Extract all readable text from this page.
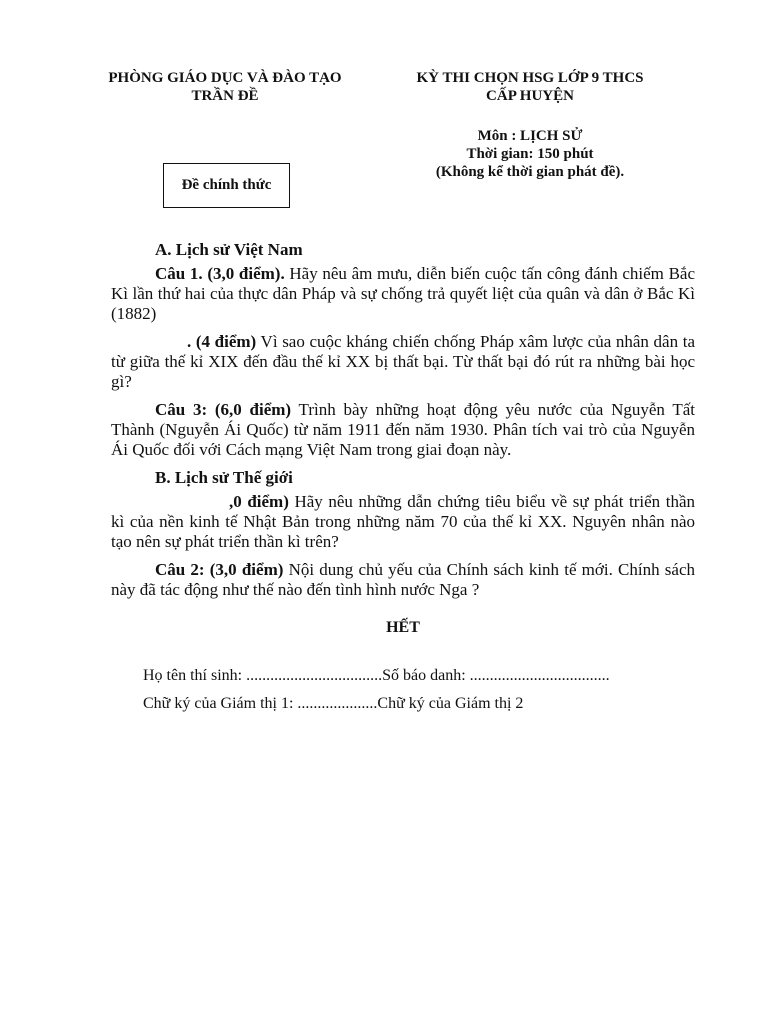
PHÒNG GIÁO DỤC VÀ ĐÀO TẠO
TRẦN ĐỀ
KỲ THI CHỌN HSG LỚP 9 THCS
CẤP HUYỆN
Môn : LỊCH SỬ
Thời gian: 150 phút
(Không kể thời gian phát đề).
Đề chính thức
A. Lịch sử Việt Nam

Câu 1. (3,0 điểm). Hãy nêu âm mưu, diễn biến cuộc tấn công đánh chiếm Bắc Kì lần thứ hai của thực dân Pháp và sự chống trả quyết liệt của quân và dân ở Bắc Kì (1882)

. (4 điểm) Vì sao cuộc kháng chiến chống Pháp xâm lược của nhân dân ta từ giữa thế kỉ XIX đến đầu thế kỉ XX bị thất bại. Từ thất bại đó rút ra những bài học gì?

Câu 3: (6,0 điểm) Trình bày những hoạt động yêu nước của Nguyễn Tất Thành (Nguyễn Ái Quốc) từ năm 1911 đến năm 1930. Phân tích vai trò của Nguyễn Ái Quốc đối với Cách mạng Việt Nam trong giai đoạn này.

B. Lịch sử Thế giới

,0 điểm) Hãy nêu những dẫn chứng tiêu biểu về sự phát triển thần kì của nền kinh tế Nhật Bản trong những năm 70 của thế kỉ XX. Nguyên nhân nào tạo nên sự phát triển thần kì trên?

Câu 2: (3,0 điểm) Nội dung chủ yếu của Chính sách kinh tế mới. Chính sách này đã tác động như thế nào đến tình hình nước Nga ?

HẾT
Họ tên thí sinh: ..................................Số báo danh: ...................................
Chữ ký của Giám thị 1: ....................Chữ ký của Giám thị 2
